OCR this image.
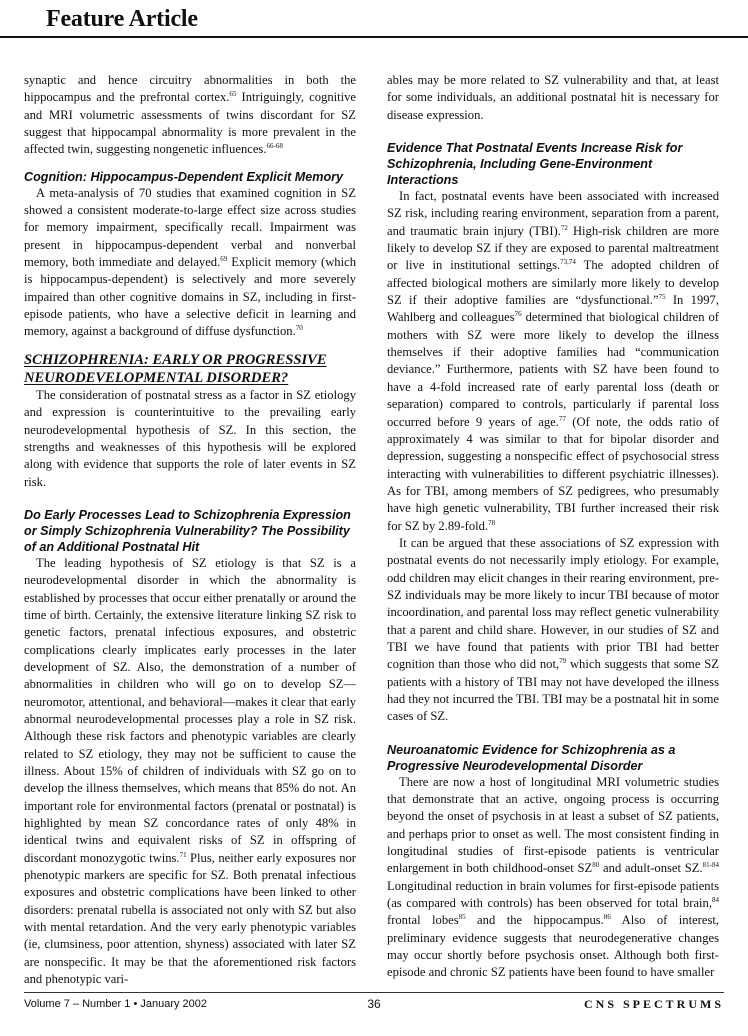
Feature Article

synaptic and hence circuitry abnormalities in both the hippocampus and the prefrontal cortex.$^{65}$ Intriguingly, cognitive and MRI volumetric assessments of twins discordant for SZ suggest that hippocampal abnormality is more prevalent in the affected twin, suggesting nongenetic influences.$^{66-68}$

Cognition: Hippocampus-Dependent Explicit Memory

A meta-analysis of 70 studies that examined cognition in SZ showed a consistent moderate-to-large effect size across studies for memory impairment, specifically recall. Impairment was present in hippocampus-dependent verbal and nonverbal memory, both immediate and delayed.$^{69}$ Explicit memory (which is hippocampus-dependent) is selectively and more severely impaired than other cognitive domains in SZ, including in first-episode patients, who have a selective deficit in learning and memory, against a background of diffuse dysfunction.$^{70}$

SCHIZOPHRENIA: EARLY OR PROGRESSIVE NEURODEVELOPMENTAL DISORDER?

The consideration of postnatal stress as a factor in SZ etiology and expression is counterintuitive to the prevailing early neurodevelopmental hypothesis of SZ. In this section, the strengths and weaknesses of this hypothesis will be explored along with evidence that supports the role of later events in SZ risk.

Do Early Processes Lead to Schizophrenia Expression or Simply Schizophrenia Vulnerability? The Possibility of an Additional Postnatal Hit

The leading hypothesis of SZ etiology is that SZ is a neurodevelopmental disorder in which the abnormality is established by processes that occur either prenatally or around the time of birth. Certainly, the extensive literature linking SZ risk to genetic factors, prenatal infectious exposures, and obstetric complications clearly implicates early processes in the later development of SZ. Also, the demonstration of a number of abnormalities in children who will go on to develop SZ—neuromotor, attentional, and behavioral—makes it clear that early abnormal neurodevelopmental processes play a role in SZ risk. Although these risk factors and phenotypic variables are clearly related to SZ etiology, they may not be sufficient to cause the illness. About 15% of children of individuals with SZ go on to develop the illness themselves, which means that 85% do not. An important role for environmental factors (prenatal or postnatal) is highlighted by mean SZ concordance rates of only 48% in identical twins and equivalent risks of SZ in offspring of discordant monozygotic twins.$^{71}$ Plus, neither early exposures nor phenotypic markers are specific for SZ. Both prenatal infectious exposures and obstetric complications have been linked to other disorders: prenatal rubella is associated not only with SZ but also with mental retardation. And the very early phenotypic variables (ie, clumsiness, poor attention, shyness) associated with later SZ are nonspecific. It may be that the aforementioned risk factors and phenotypic vari-

ables may be more related to SZ vulnerability and that, at least for some individuals, an additional postnatal hit is necessary for disease expression.

Evidence That Postnatal Events Increase Risk for Schizophrenia, Including Gene-Environment Interactions

In fact, postnatal events have been associated with increased SZ risk, including rearing environment, separation from a parent, and traumatic brain injury (TBI).$^{72}$ High-risk children are more likely to develop SZ if they are exposed to parental maltreatment or live in institutional settings.$^{73,74}$ The adopted children of affected biological mothers are similarly more likely to develop SZ if their adoptive families are “dysfunctional.”$^{75}$ In 1997, Wahlberg and colleagues$^{76}$ determined that biological children of mothers with SZ were more likely to develop the illness themselves if their adoptive families had “communication deviance.” Furthermore, patients with SZ have been found to have a 4-fold increased rate of early parental loss (death or separation) compared to controls, particularly if parental loss occurred before 9 years of age.$^{77}$ (Of note, the odds ratio of approximately 4 was similar to that for bipolar disorder and depression, suggesting a nonspecific effect of psychosocial stress interacting with vulnerabilities to different psychiatric illnesses). As for TBI, among members of SZ pedigrees, who presumably have high genetic vulnerability, TBI further increased their risk for SZ by 2.89-fold.$^{78}$

It can be argued that these associations of SZ expression with postnatal events do not necessarily imply etiology. For example, odd children may elicit changes in their rearing environment, pre-SZ individuals may be more likely to incur TBI because of motor incoordination, and parental loss may reflect genetic vulnerability that a parent and child share. However, in our studies of SZ and TBI we have found that patients with prior TBI had better cognition than those who did not,$^{79}$ which suggests that some SZ patients with a history of TBI may not have developed the illness had they not incurred the TBI. TBI may be a postnatal hit in some cases of SZ.

Neuroanatomic Evidence for Schizophrenia as a Progressive Neurodevelopmental Disorder

There are now a host of longitudinal MRI volumetric studies that demonstrate that an active, ongoing process is occurring beyond the onset of psychosis in at least a subset of SZ patients, and perhaps prior to onset as well. The most consistent finding in longitudinal studies of first-episode patients is ventricular enlargement in both childhood-onset SZ$^{80}$ and adult-onset SZ.$^{81-84}$ Longitudinal reduction in brain volumes for first-episode patients (as compared with controls) has been observed for total brain,$^{84}$ frontal lobes$^{85}$ and the hippocampus.$^{86}$ Also of interest, preliminary evidence suggests that neurodegenerative changes may occur shortly before psychosis onset. Although both first-episode and chronic SZ patients have been found to have smaller

Volume 7 – Number 1 • January 2002	36	CNS SPECTRUMS
